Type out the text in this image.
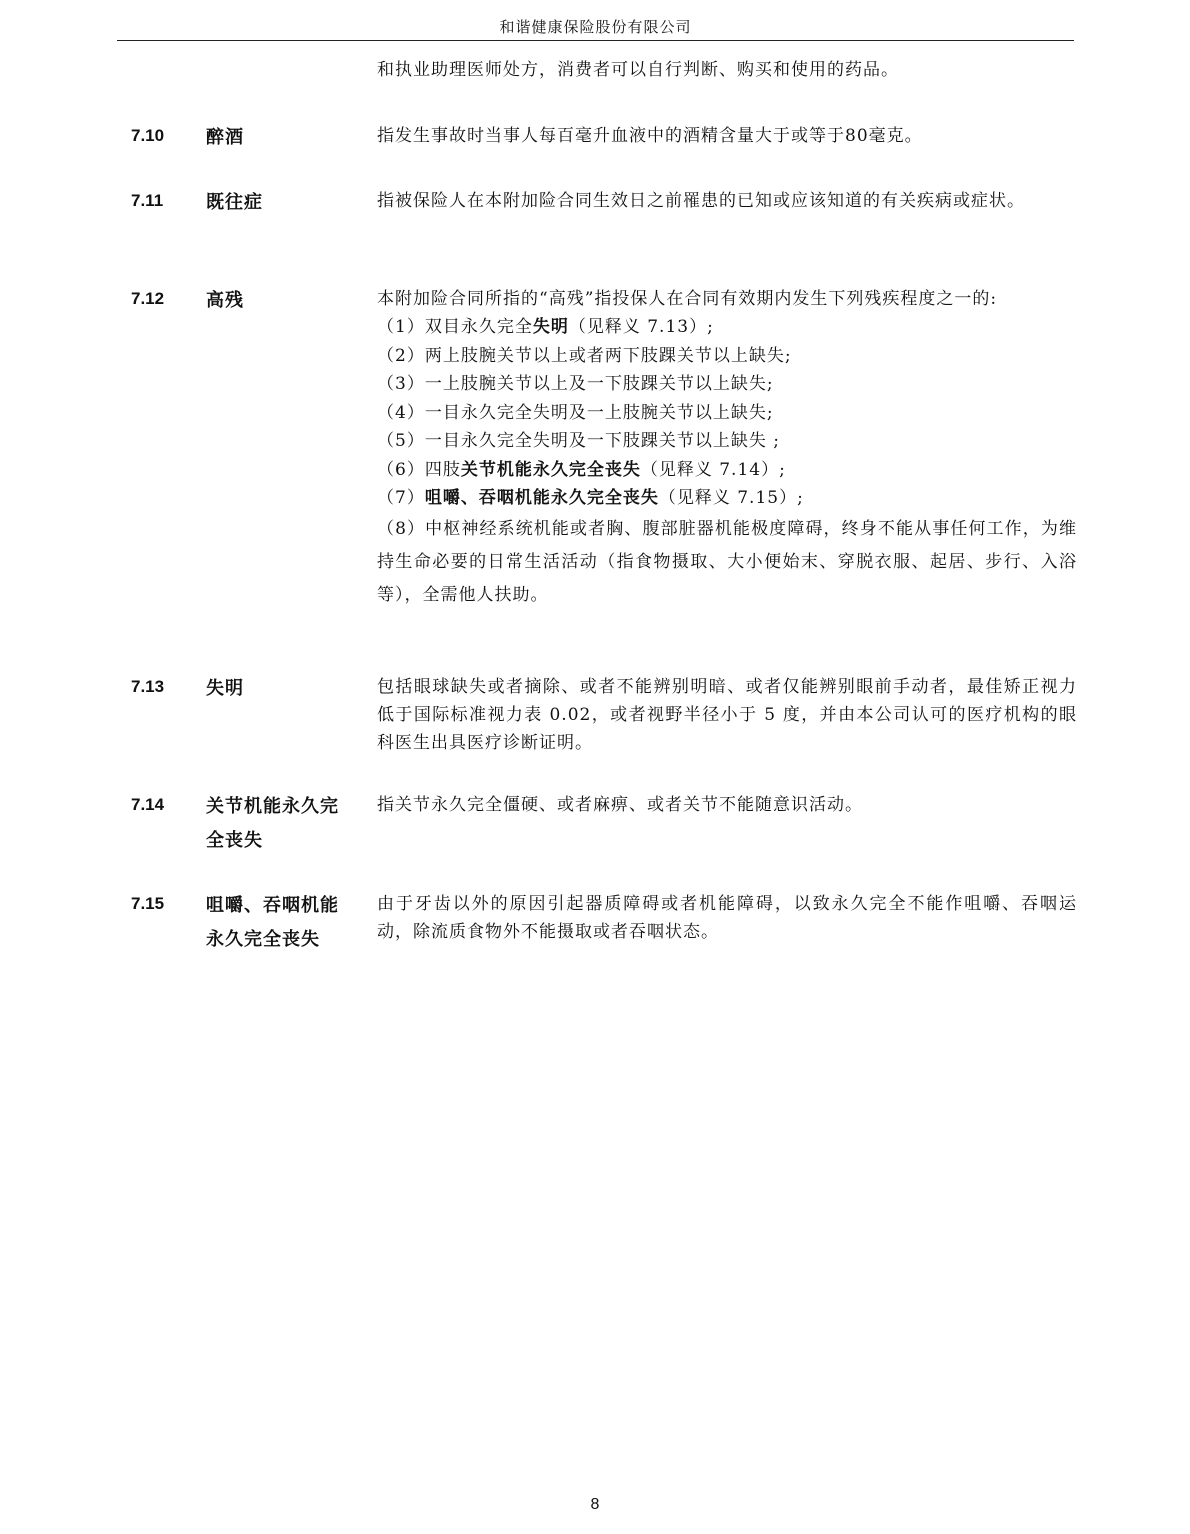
和谐健康保险股份有限公司
和执业助理医师处方，消费者可以自行判断、购买和使用的药品。
7.10 醉酒	指发生事故时当事人每百毫升血液中的酒精含量大于或等于80毫克。

7.11 既往症	指被保险人在本附加险合同生效日之前罹患的已知或应该知道的有关疾病或症状。

7.12 高残	本附加险合同所指的“高残”指投保人在合同有效期内发生下列残疾程度之一的:

（1）双目永久完全失明（见释义 7.13）;

（2）两上肢腕关节以上或者两下肢踝关节以上缺失;

（3）一上肢腕关节以上及一下肢踝关节以上缺失;

（4）一目永久完全失明及一上肢腕关节以上缺失;

（5）一目永久完全失明及一下肢踝关节以上缺失 ;

（6）四肢关节机能永久完全丧失（见释义 7.14）;

（7）咀嚼、吞咽机能永久完全丧失（见释义 7.15）;

（8）中枢神经系统机能或者胸、腹部脏器机能极度障碍，终身不能从事任何工作，为维持生命必要的日常生活活动（指食物摄取、大小便始末、穿脱衣服、起居、步行、入浴等），全需他人扶助。

7.13 失明	包括眼球缺失或者摘除、或者不能辨别明暗、或者仅能辨别眼前手动者，最佳矫正视力低于国际标准视力表 0.02，或者视野半径小于 5 度，并由本公司认可的医疗机构的眼科医生出具医疗诊断证明。

7.14 关节机能永久完全丧失

指关节永久完全僵硬、或者麻痹、或者关节不能随意识活动。

7.15 咀嚼、吞咽机能永久完全丧失

由于牙齿以外的原因引起器质障碍或者机能障碍，以致永久完全不能作咀嚼、吞咽运动，除流质食物外不能摄取或者吞咽状态。

8
